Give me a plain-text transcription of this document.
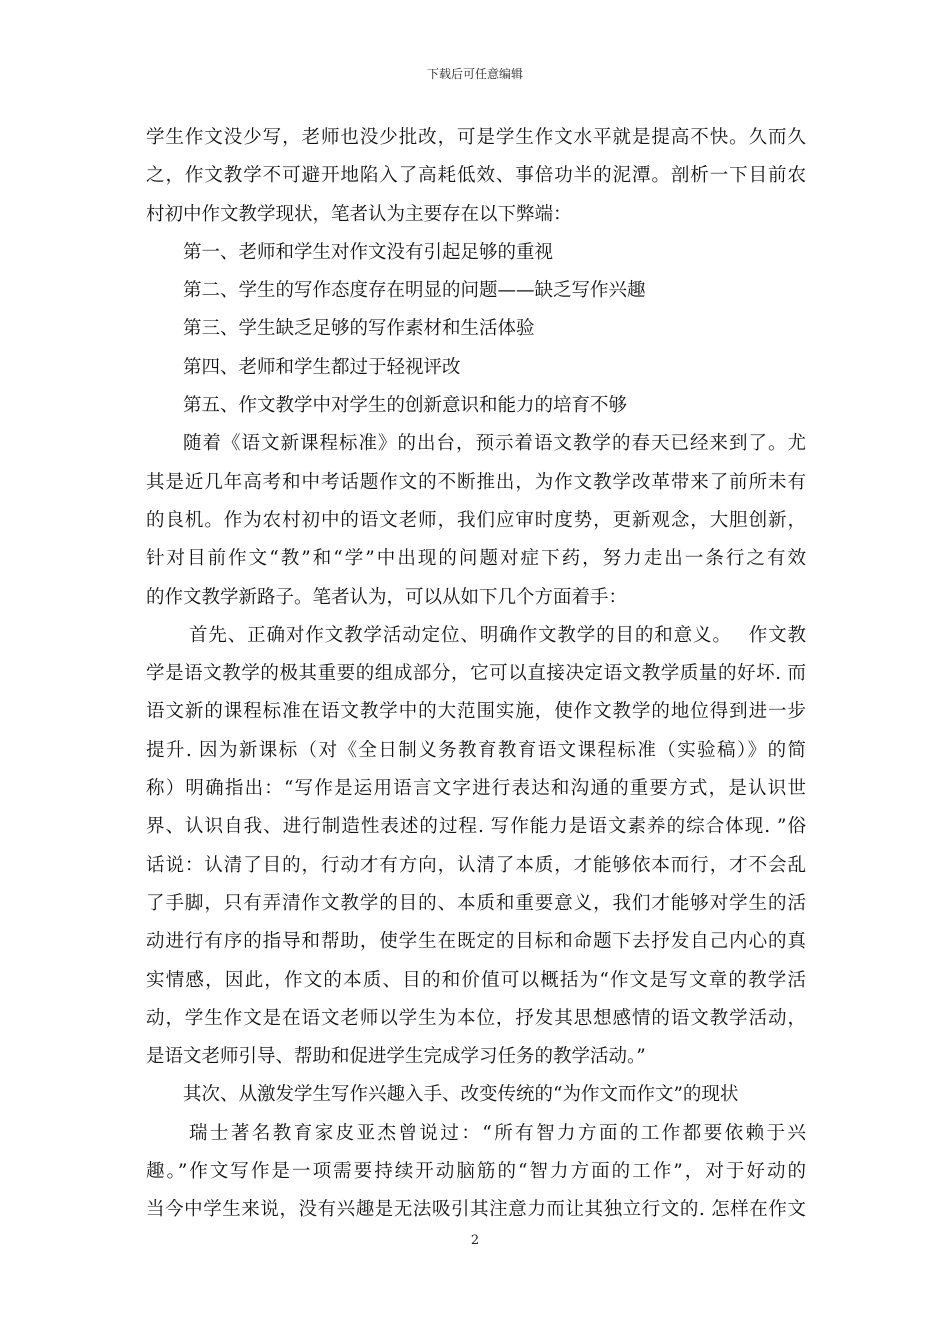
下载后可任意编辑
学生作文没少写，老师也没少批改，可是学生作文水平就是提高不快。久而久
之，作文教学不可避开地陷入了高耗低效、事倍功半的泥潭。剖析一下目前农
村初中作文教学现状，笔者认为主要存在以下弊端：
第一、老师和学生对作文没有引起足够的重视
第二、学生的写作态度存在明显的问题——缺乏写作兴趣
第三、学生缺乏足够的写作素材和生活体验
第四、老师和学生都过于轻视评改
第五、作文教学中对学生的创新意识和能力的培育不够
随着《语文新课程标准》的出台，预示着语文教学的春天已经来到了。尤
其是近几年高考和中考话题作文的不断推出，为作文教学改革带来了前所未有
的良机。作为农村初中的语文老师，我们应审时度势，更新观念，大胆创新，
针对目前作文“教”和“学”中出现的问题对症下药，努力走出一条行之有效
的作文教学新路子。笔者认为，可以从如下几个方面着手：
首先、正确对作文教学活动定位、明确作文教学的目的和意义。　 作文教
学是语文教学的极其重要的组成部分，它可以直接决定语文教学质量的好坏. 而
语文新的课程标准在语文教学中的大范围实施，使作文教学的地位得到进一步
提升. 因为新课标（对《全日制义务教育教育语文课程标准（实验稿）》的简
称）明确指出：“写作是运用语言文字进行表达和沟通的重要方式，是认识世
界、认识自我、进行制造性表述的过程. 写作能力是语文素养的综合体现. ”俗
话说：认清了目的，行动才有方向，认清了本质，才能够依本而行，才不会乱
了手脚，只有弄清作文教学的目的、本质和重要意义，我们才能够对学生的活
动进行有序的指导和帮助，使学生在既定的目标和命题下去抒发自己内心的真
实情感，因此，作文的本质、目的和价值可以概括为“作文是写文章的教学活
动，学生作文是在语文老师以学生为本位，抒发其思想感情的语文教学活动，
是语文老师引导、帮助和促进学生完成学习任务的教学活动。”
其次、从激发学生写作兴趣入手、改变传统的“为作文而作文”的现状
瑞士著名教育家皮亚杰曾说过：“所有智力方面的工作都要依赖于兴
趣。”作文写作是一项需要持续开动脑筋的“智力方面的工作”，对于好动的
当今中学生来说，没有兴趣是无法吸引其注意力而让其独立行文的. 怎样在作文
2
